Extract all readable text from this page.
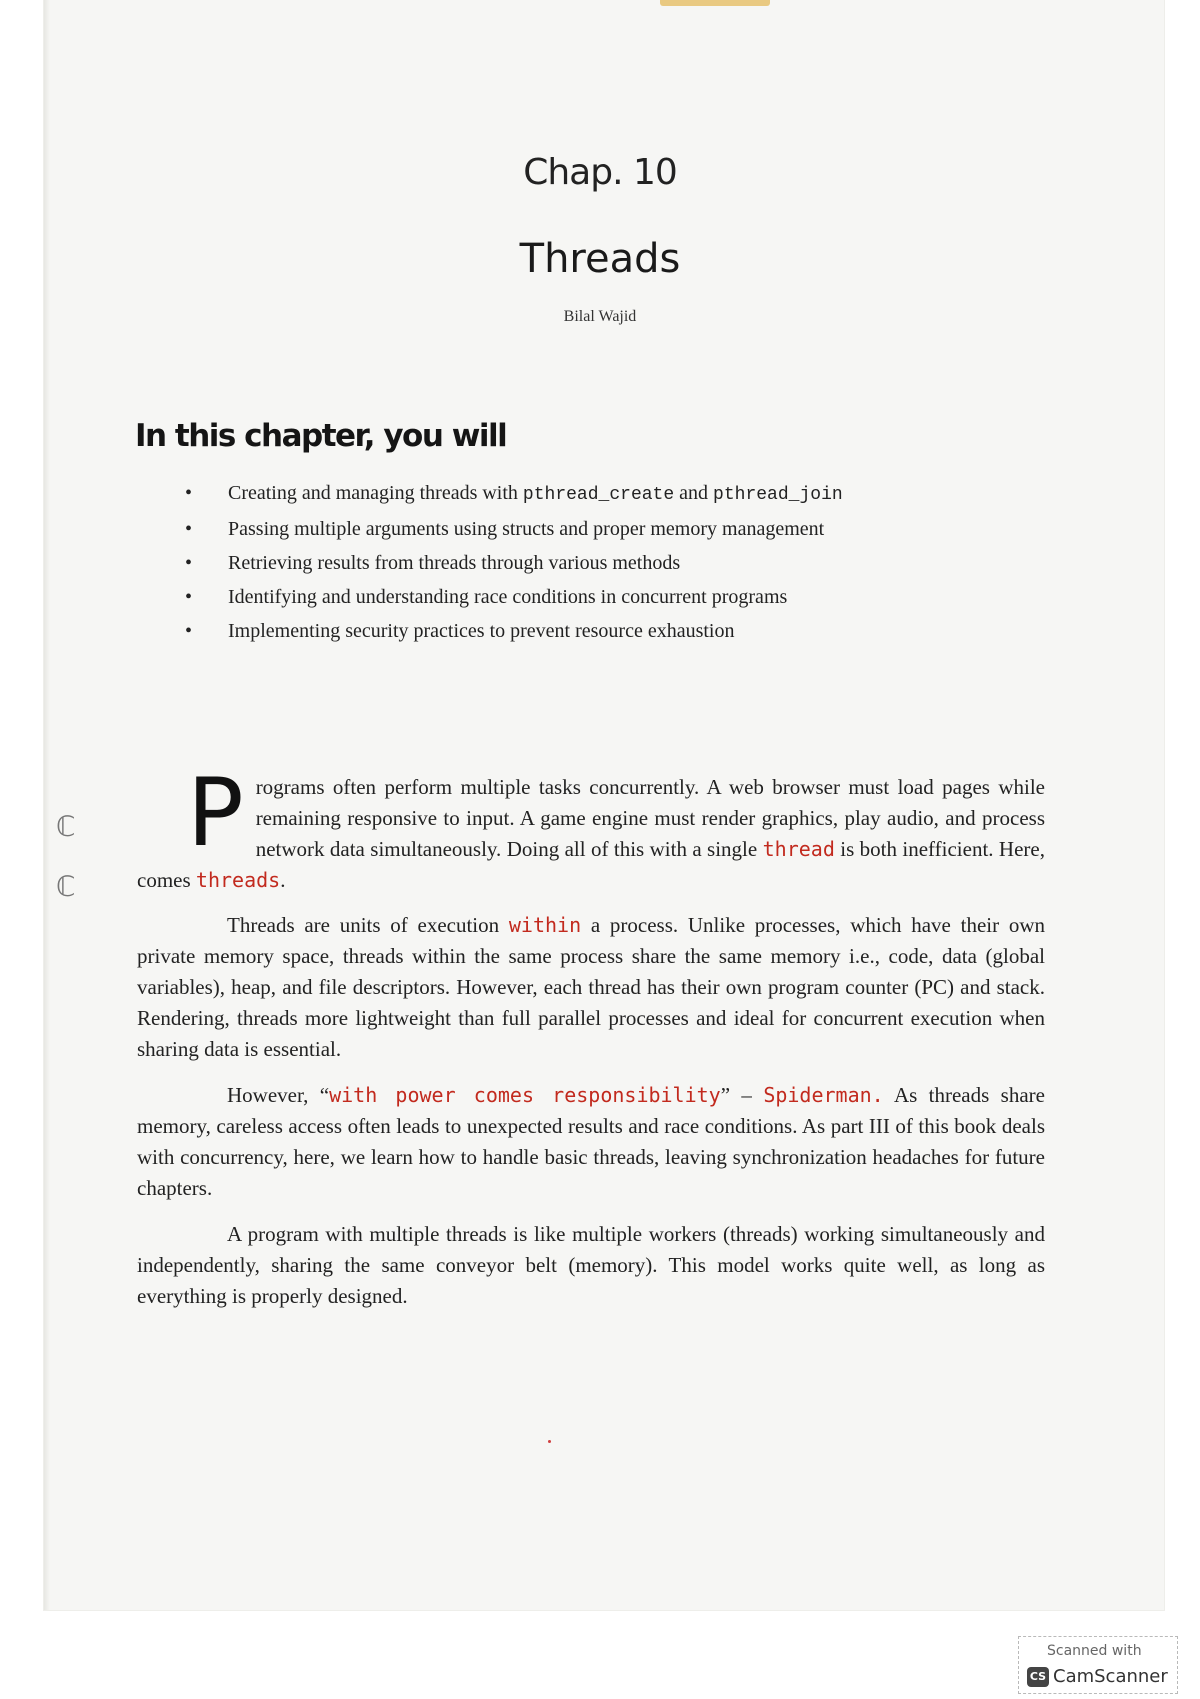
Chap. 10
Threads
Bilal Wajid
In this chapter, you will
• Creating and managing threads with pthread_create and pthread_join
• Passing multiple arguments using structs and proper memory management
• Retrieving results from threads through various methods
• Identifying and understanding race conditions in concurrent programs
• Implementing security practices to prevent resource exhaustion
ℂ
ℂ

Programs often perform multiple tasks concurrently. A web browser must load pages while remaining responsive to input. A game engine must render graphics, play audio, and process network data simultaneously. Doing all of this with a single thread is both inefficient. Here, comes threads.

Threads are units of execution within a process. Unlike processes, which have their own private memory space, threads within the same process share the same memory i.e., code, data (global variables), heap, and file descriptors. However, each thread has their own program counter (PC) and stack. Rendering, threads more lightweight than full parallel processes and ideal for concurrent execution when sharing data is essential.

However, “with power comes responsibility” – Spiderman. As threads share memory, careless access often leads to unexpected results and race conditions. As part III of this book deals with concurrency, here, we learn how to handle basic threads, leaving synchronization headaches for future chapters.

A program with multiple threads is like multiple workers (threads) working simultaneously and independently, sharing the same conveyor belt (memory). This model works quite well, as long as everything is properly designed.

Scanned with
CS CamScanner
